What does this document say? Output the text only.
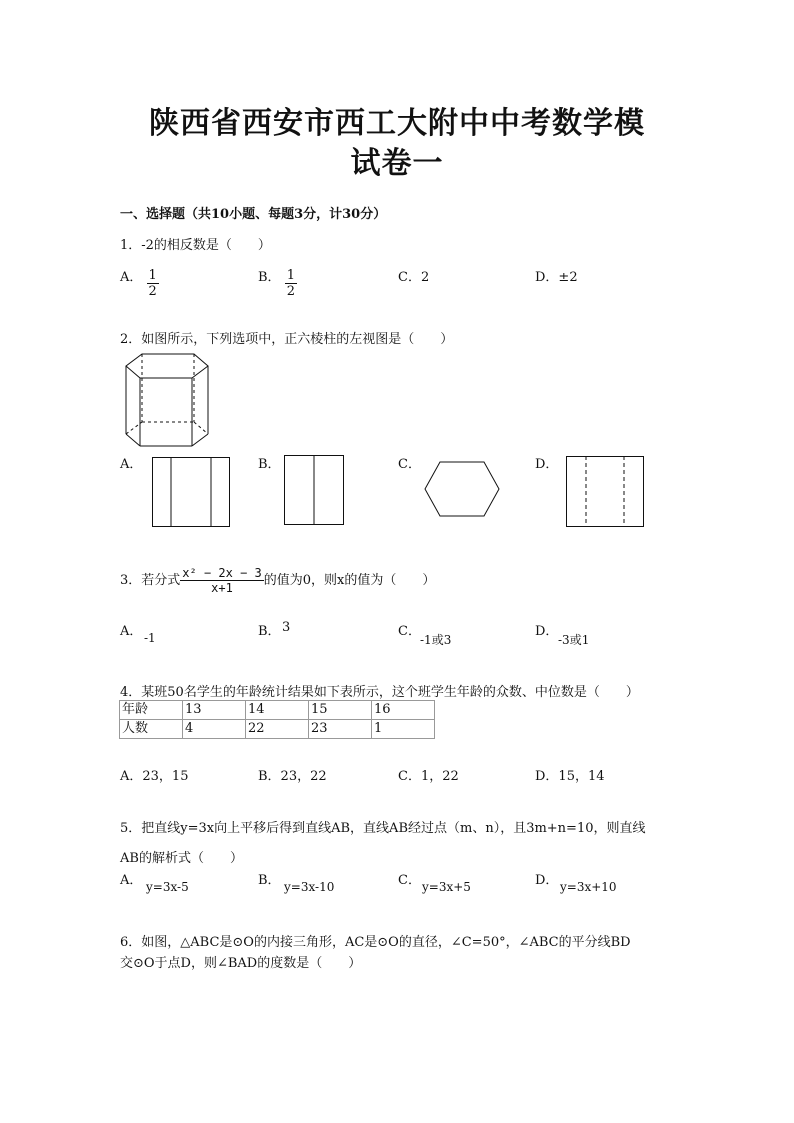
陕西省西安市西工大附中中考数学模
试卷一
一、选择题（共10小题、每题3分，计30分）
1．-2的相反数是（　　）
A． $\frac{1}{2}$	B． $\frac{1}{2}$	C．2	D．±2
2．如图所示，下列选项中，正六棱柱的左视图是（　　）
A．	B．	C．	D．
3．若分式 $\frac{\text{x² − 2x − 3}}{x+1}$ 的值为0，则x的值为（　　）
A． -1	B． 3	C．
-1或3
D．
-3或1
4．某班50名学生的年龄统计结果如下表所示，这个班学生年龄的众数、中位数是（　　）
年龄	13	14	15	16
人数	4	22	23	1
A．23，15	B．23，22	C．1，22	D．15，14
5．把直线y=3x向上平移后得到直线AB，直线AB经过点（m、n），且3m+n=10，则直线
AB的解析式（　　）
A． y=3x-5	B． y=3x-10	C． y=3x+5	D． y=3x+10
6．如图，△ABC是⊙O的内接三角形，AC是⊙O的直径，∠C=50°，∠ABC的平分线BD
交⊙O于点D，则∠BAD的度数是（　　）
